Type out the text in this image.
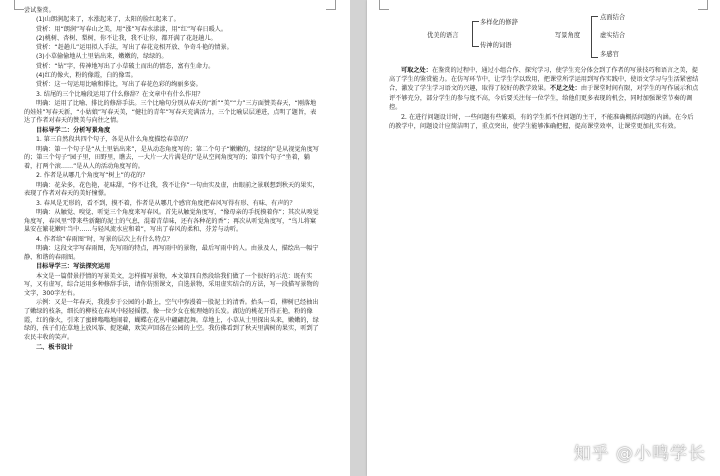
尝试鉴赏。

(1)山朗润起来了，水涨起来了，太阳的脸红起来了。

赏析：用“朗润”写春山之美，用“涨”写春水漾漾，用“红”写春日暖人。

(2)桃树、杏树、梨树，你不让我，我不让你，都开满了花赶趟儿。

赏析：“赶趟儿”运用拟人手法，写出了春花竞相开放、争奇斗艳的情景。

(3)小草偷偷地从土里钻出来，嫩嫩的，绿绿的。

赏析：“钻”字，传神地写出了小草破土而出的情态，富有生命力。

(4)红的像火，粉的像霞，白的像雪。

赏析：这一句运用比喻和排比，写出了春花色彩的绚丽多姿。

3. 结尾的三个比喻段运用了什么修辞？在文章中有什么作用？

明确：运用了比喻、排比的修辞手法。三个比喻句分别从春天的“新”“美”“力”三方面赞美春天，“刚落地的娃娃”写春天新，“小姑娘”写春天美，“健壮的青年”写春天充满活力，三个比喻层层递进，点明了题旨，表达了作者对春天的赞美与向往之情。

目标导学二：分析写景角度

1. 第三自然段共四个句子，各是从什么角度描绘春草的？

明确：第一个句子是“从土里钻出来”，是从动态角度写的；第二个句子“嫩嫩的，绿绿的”是从视觉角度写的；第三个句子“园子里，田野里，瞧去，一大片一大片满是的”是从空间角度写的；第四个句子“坐着，躺着，打两个滚……”是从人的活动角度写的。

2. 作者是从哪几个角度写“树上”的花的？

明确：花朵多，花色艳，花味甜，“你不让我，我不让你”一句由实及虚，由眼前之景联想到秋天的果实，表现了作者对春天的美好憧憬。

3. 春风是无形的，看不到，摸不着，作者是从哪几个感官角度把春风写得有形、有味、有声的？

明确：从触觉、嗅觉、听觉三个角度来写春风。首先从触觉角度写，“像母亲的手抚摸着你”；其次从嗅觉角度写，春风里“带来些新翻的泥土的气息，混着青草味，还有各种花的香”；再次从听觉角度写，“鸟儿将窠巢安在繁花嫩叶当中……与轻风流水应和着”，写出了春风的柔和、芬芳与动听。

4. 作者给“春雨图”时，写景的层次上有什么特点？

明确：这段文字写春雨图，先写雨的特点，再写雨中的景物，最后写雨中的人。由景及人，描绘出一幅宁静、和谐的春雨图。

目标导学三：写法探究运用

本文是一篇借景抒情的写景美文，怎样描写景物，本文第四自然段给我们做了一个很好的示范：既有实写，又有虚写，综合运用多种修辞手法，请你仿照课文，自选景物，采用虚实结合的方法，写一段描写景物的文字，300字左右。

示例：又是一年春天，我漫步于公园的小路上，空气中弥漫着一股泥土的清香。抬头一看，柳树已经抽出了嫩绿的枝条，细长的柳枝在春风中轻轻摇摆，像一位少女在梳理她的长发。湖边的桃花开得正艳，粉的像霞，红的像火，引来了蜜蜂嗡嗡地闹着，蝴蝶在花丛中翩翩起舞。草地上，小草从土里探出头来，嫩嫩的，绿绿的，孩子们在草地上放风筝、捉迷藏，欢笑声回荡在公园的上空。我仿佛看到了秋天里满树的果实，听到了农民丰收的笑声。

二、板书设计

优美的语言
多样化的修辞
传神的词语
写景角度
点面结合
虚实结合
多感官

可取之处：在鉴赏的过程中，通过小组合作、探究学习，使学生充分体会到了作者的写景技巧和语言之美，提高了学生的鉴赏能力。在仿写环节中，让学生学以致用，把课堂所学运用到写作实践中，使语文学习与生活紧密结合，激发了学生学习语文的兴趣，取得了较好的教学效果。不足之处：由于课堂时间有限，对学生的写作展示和点评不够充分，部分学生的参与度不高，今后要关注每一位学生，给他们更多表现的机会，同时加强课堂节奏的调控。

2. 在进行问题设计时，一些问题有些繁琐，有的学生抓不住问题的主干，不能准确概括问题的内涵。在今后的教学中，问题设计应简洁明了，重点突出，使学生能够准确把握，提高课堂效率，让课堂更加扎实有效。

知乎 @小鸣学长
